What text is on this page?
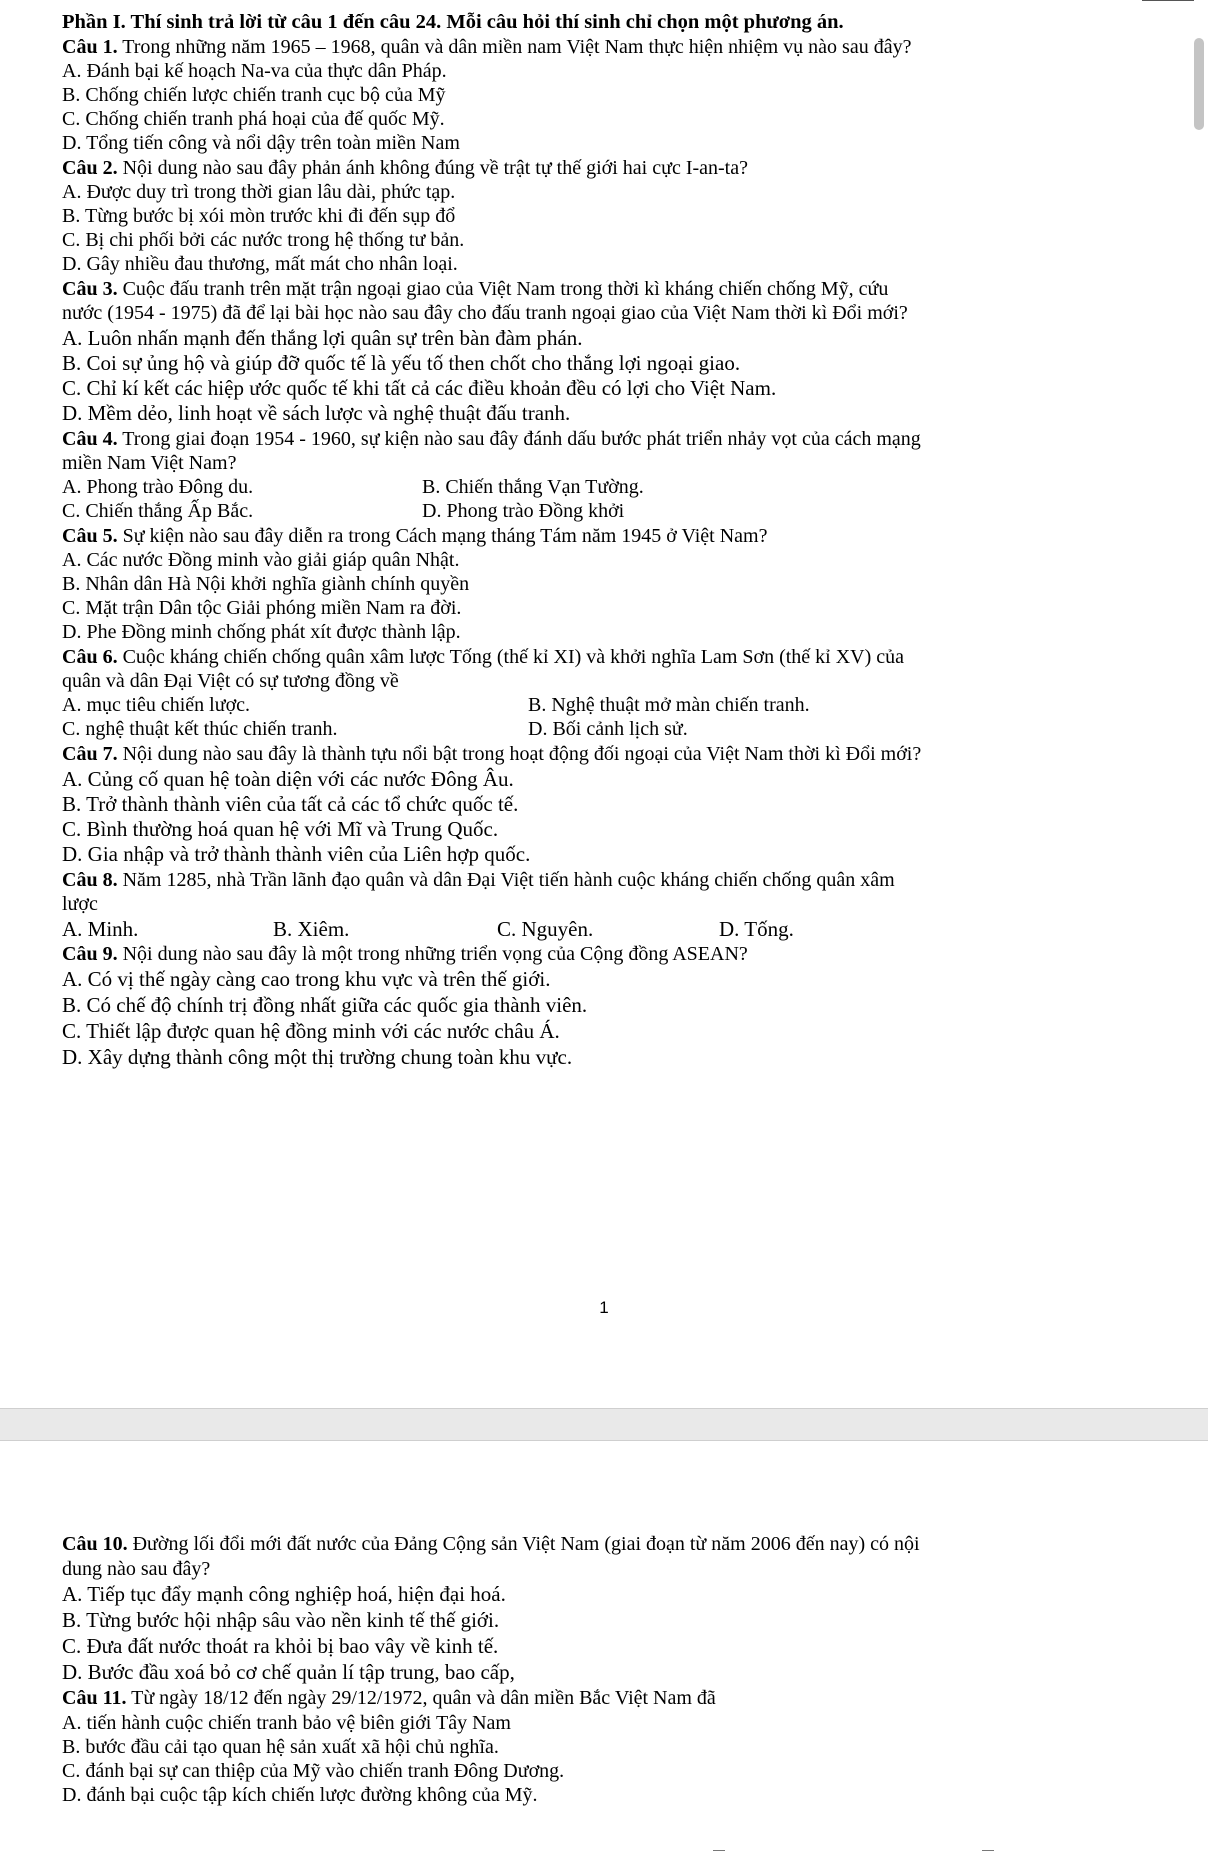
Phần I. Thí sinh trả lời từ câu 1 đến câu 24. Mỗi câu hỏi thí sinh chỉ chọn một phương án.
Câu 1. Trong những năm 1965 – 1968, quân và dân miền nam Việt Nam thực hiện nhiệm vụ nào sau đây?
A. Đánh bại kế hoạch Na-va của thực dân Pháp.
B. Chống chiến lược chiến tranh cục bộ của Mỹ
C. Chống chiến tranh phá hoại của đế quốc Mỹ.
D. Tổng tiến công và nổi dậy trên toàn miền Nam
Câu 2. Nội dung nào sau đây phản ánh không đúng về trật tự thế giới hai cực I-an-ta?
A. Được duy trì trong thời gian lâu dài, phức tạp.
B. Từng bước bị xói mòn trước khi đi đến sụp đổ
C. Bị chi phối bởi các nước trong hệ thống tư bản.
D. Gây nhiều đau thương, mất mát cho nhân loại.
Câu 3. Cuộc đấu tranh trên mặt trận ngoại giao của Việt Nam trong thời kì kháng chiến chống Mỹ, cứu
nước (1954 - 1975) đã để lại bài học nào sau đây cho đấu tranh ngoại giao của Việt Nam thời kì Đổi mới?
A. Luôn nhấn mạnh đến thắng lợi quân sự trên bàn đàm phán.
B. Coi sự ủng hộ và giúp đỡ quốc tế là yếu tố then chốt cho thắng lợi ngoại giao.
C. Chỉ kí kết các hiệp ước quốc tế khi tất cả các điều khoản đều có lợi cho Việt Nam.
D. Mềm dẻo, linh hoạt về sách lược và nghệ thuật đấu tranh.
Câu 4. Trong giai đoạn 1954 - 1960, sự kiện nào sau đây đánh dấu bước phát triển nhảy vọt của cách mạng
miền Nam Việt Nam?
A. Phong trào Đông du.	B. Chiến thắng Vạn Tường.
C. Chiến thắng Ấp Bắc.	D. Phong trào Đồng khởi
Câu 5. Sự kiện nào sau đây diễn ra trong Cách mạng tháng Tám năm 1945 ở Việt Nam?
A. Các nước Đồng minh vào giải giáp quân Nhật.
B. Nhân dân Hà Nội khởi nghĩa giành chính quyền
C. Mặt trận Dân tộc Giải phóng miền Nam ra đời.
D. Phe Đồng minh chống phát xít được thành lập.
Câu 6. Cuộc kháng chiến chống quân xâm lược Tống (thế kỉ XI) và khởi nghĩa Lam Sơn (thế kỉ XV) của
quân và dân Đại Việt có sự tương đồng về
A. mục tiêu chiến lược.	B. Nghệ thuật mở màn chiến tranh.
C. nghệ thuật kết thúc chiến tranh.	D. Bối cảnh lịch sử.
Câu 7. Nội dung nào sau đây là thành tựu nổi bật trong hoạt động đối ngoại của Việt Nam thời kì Đổi mới?
A. Củng cố quan hệ toàn diện với các nước Đông Âu.
B. Trở thành thành viên của tất cả các tổ chức quốc tế.
C. Bình thường hoá quan hệ với Mĩ và Trung Quốc.
D. Gia nhập và trở thành thành viên của Liên hợp quốc.
Câu 8. Năm 1285, nhà Trần lãnh đạo quân và dân Đại Việt tiến hành cuộc kháng chiến chống quân xâm
lược
A. Minh.	B. Xiêm.	C. Nguyên.	D. Tống.
Câu 9. Nội dung nào sau đây là một trong những triển vọng của Cộng đồng ASEAN?
A. Có vị thế ngày càng cao trong khu vực và trên thế giới.
B. Có chế độ chính trị đồng nhất giữa các quốc gia thành viên.
C. Thiết lập được quan hệ đồng minh với các nước châu Á.
D. Xây dựng thành công một thị trường chung toàn khu vực.
1
Câu 10. Đường lối đổi mới đất nước của Đảng Cộng sản Việt Nam (giai đoạn từ năm 2006 đến nay) có nội
dung nào sau đây?
A. Tiếp tục đẩy mạnh công nghiệp hoá, hiện đại hoá.
B. Từng bước hội nhập sâu vào nền kinh tế thế giới.
C. Đưa đất nước thoát ra khỏi bị bao vây về kinh tế.
D. Bước đầu xoá bỏ cơ chế quản lí tập trung, bao cấp,
Câu 11. Từ ngày 18/12 đến ngày 29/12/1972, quân và dân miền Bắc Việt Nam đã
A. tiến hành cuộc chiến tranh bảo vệ biên giới Tây Nam
B. bước đầu cải tạo quan hệ sản xuất xã hội chủ nghĩa.
C. đánh bại sự can thiệp của Mỹ vào chiến tranh Đông Dương.
D. đánh bại cuộc tập kích chiến lược đường không của Mỹ.
